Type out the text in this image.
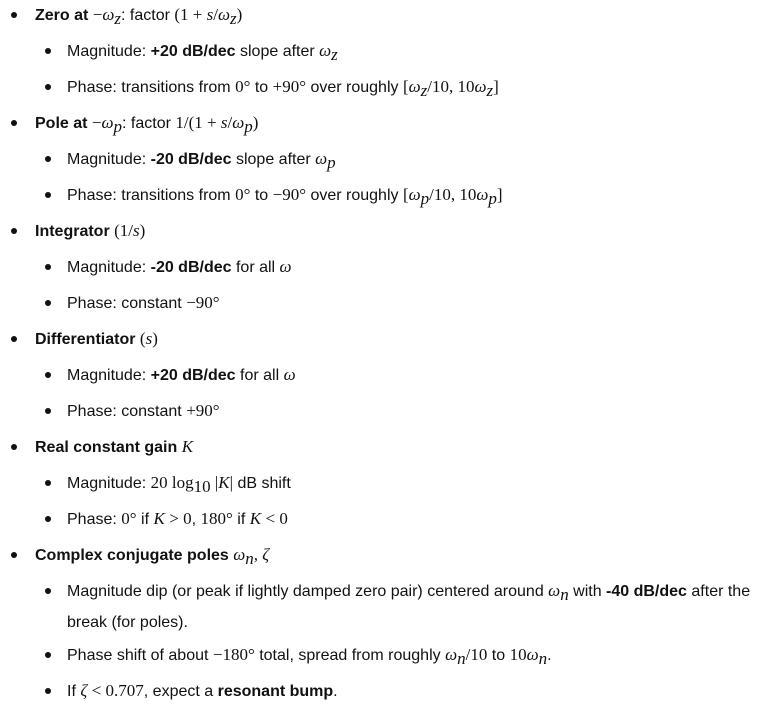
Zero at $-\omega_z$: factor $(1 + s/\omega_z)$
Magnitude: +20 dB/dec slope after $\omega_z$
Phase: transitions from 0° to +90° over roughly [$\omega_z/10$, $10\omega_z$]
Pole at $-\omega_p$: factor $1/(1 + s/\omega_p)$
Magnitude: -20 dB/dec slope after $\omega_p$
Phase: transitions from 0° to −90° over roughly [$\omega_p/10$, $10\omega_p$]
Integrator (1/s)
Magnitude: -20 dB/dec for all ω
Phase: constant −90°
Differentiator (s)
Magnitude: +20 dB/dec for all ω
Phase: constant +90°
Real constant gain K
Magnitude: 20 $\log_{10} |K|$ dB shift
Phase: 0° if K > 0, 180° if K < 0
Complex conjugate poles $\omega_n$, ζ
Magnitude dip (or peak if lightly damped zero pair) centered around $\omega_n$ with -40 dB/dec after the break (for poles).
Phase shift of about −180° total, spread from roughly $\omega_n/10$ to $10\omega_n$.
If ζ < 0.707, expect a resonant bump.
